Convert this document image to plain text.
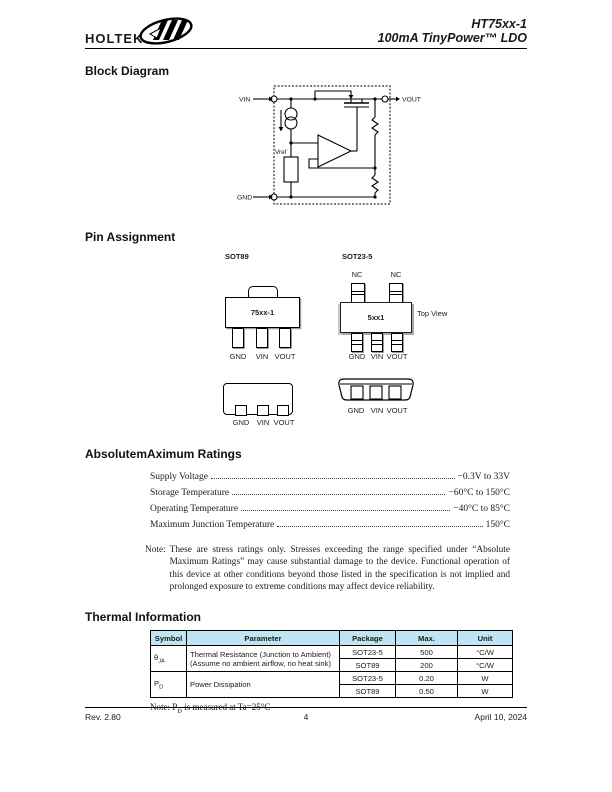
HOLTEK
HT75xx-1
100mA TinyPower™ LDO
Block Diagram
VIN	VOUT
GND
Vref
Pin Assignment
SOT89	SOT23-5
75xx-1
GND	VIN VOUT
NC	NC
5xx1	Top View
GND VIN VOUT
GND VIN VOUT
GND VIN VOUT
AbsolutemAximum Ratings
Supply Voltage	−0.3V to 33V
Storage Temperature	−60°C to 150°C
Operating Temperature	−40°C to 85°C
Maximum Junction Temperature	150°C
Note: These are stress ratings only. Stresses exceeding the range specified under “Absolute Maximum Ratings” may cause substantial damage to the device. Functional operation of this device at other conditions beyond those listed in the specification is not implied and prolonged exposure to extreme conditions may affect device reliability.
Thermal Information
Symbol	Parameter	Package	Max.	Unit
$\theta_{JA}$	Thermal Resistance (Junction to Ambient)
(Assume no ambient airflow, no heat sink)	SOT23-5	500	°C/W
		SOT89	200	°C/W
$P_D$	Power Dissipation	SOT23-5	0.20	W
		SOT89	0.50	W
Note: $P_D$ is measured at Ta=25°C
4
Rev. 2.80	April 10, 2024
